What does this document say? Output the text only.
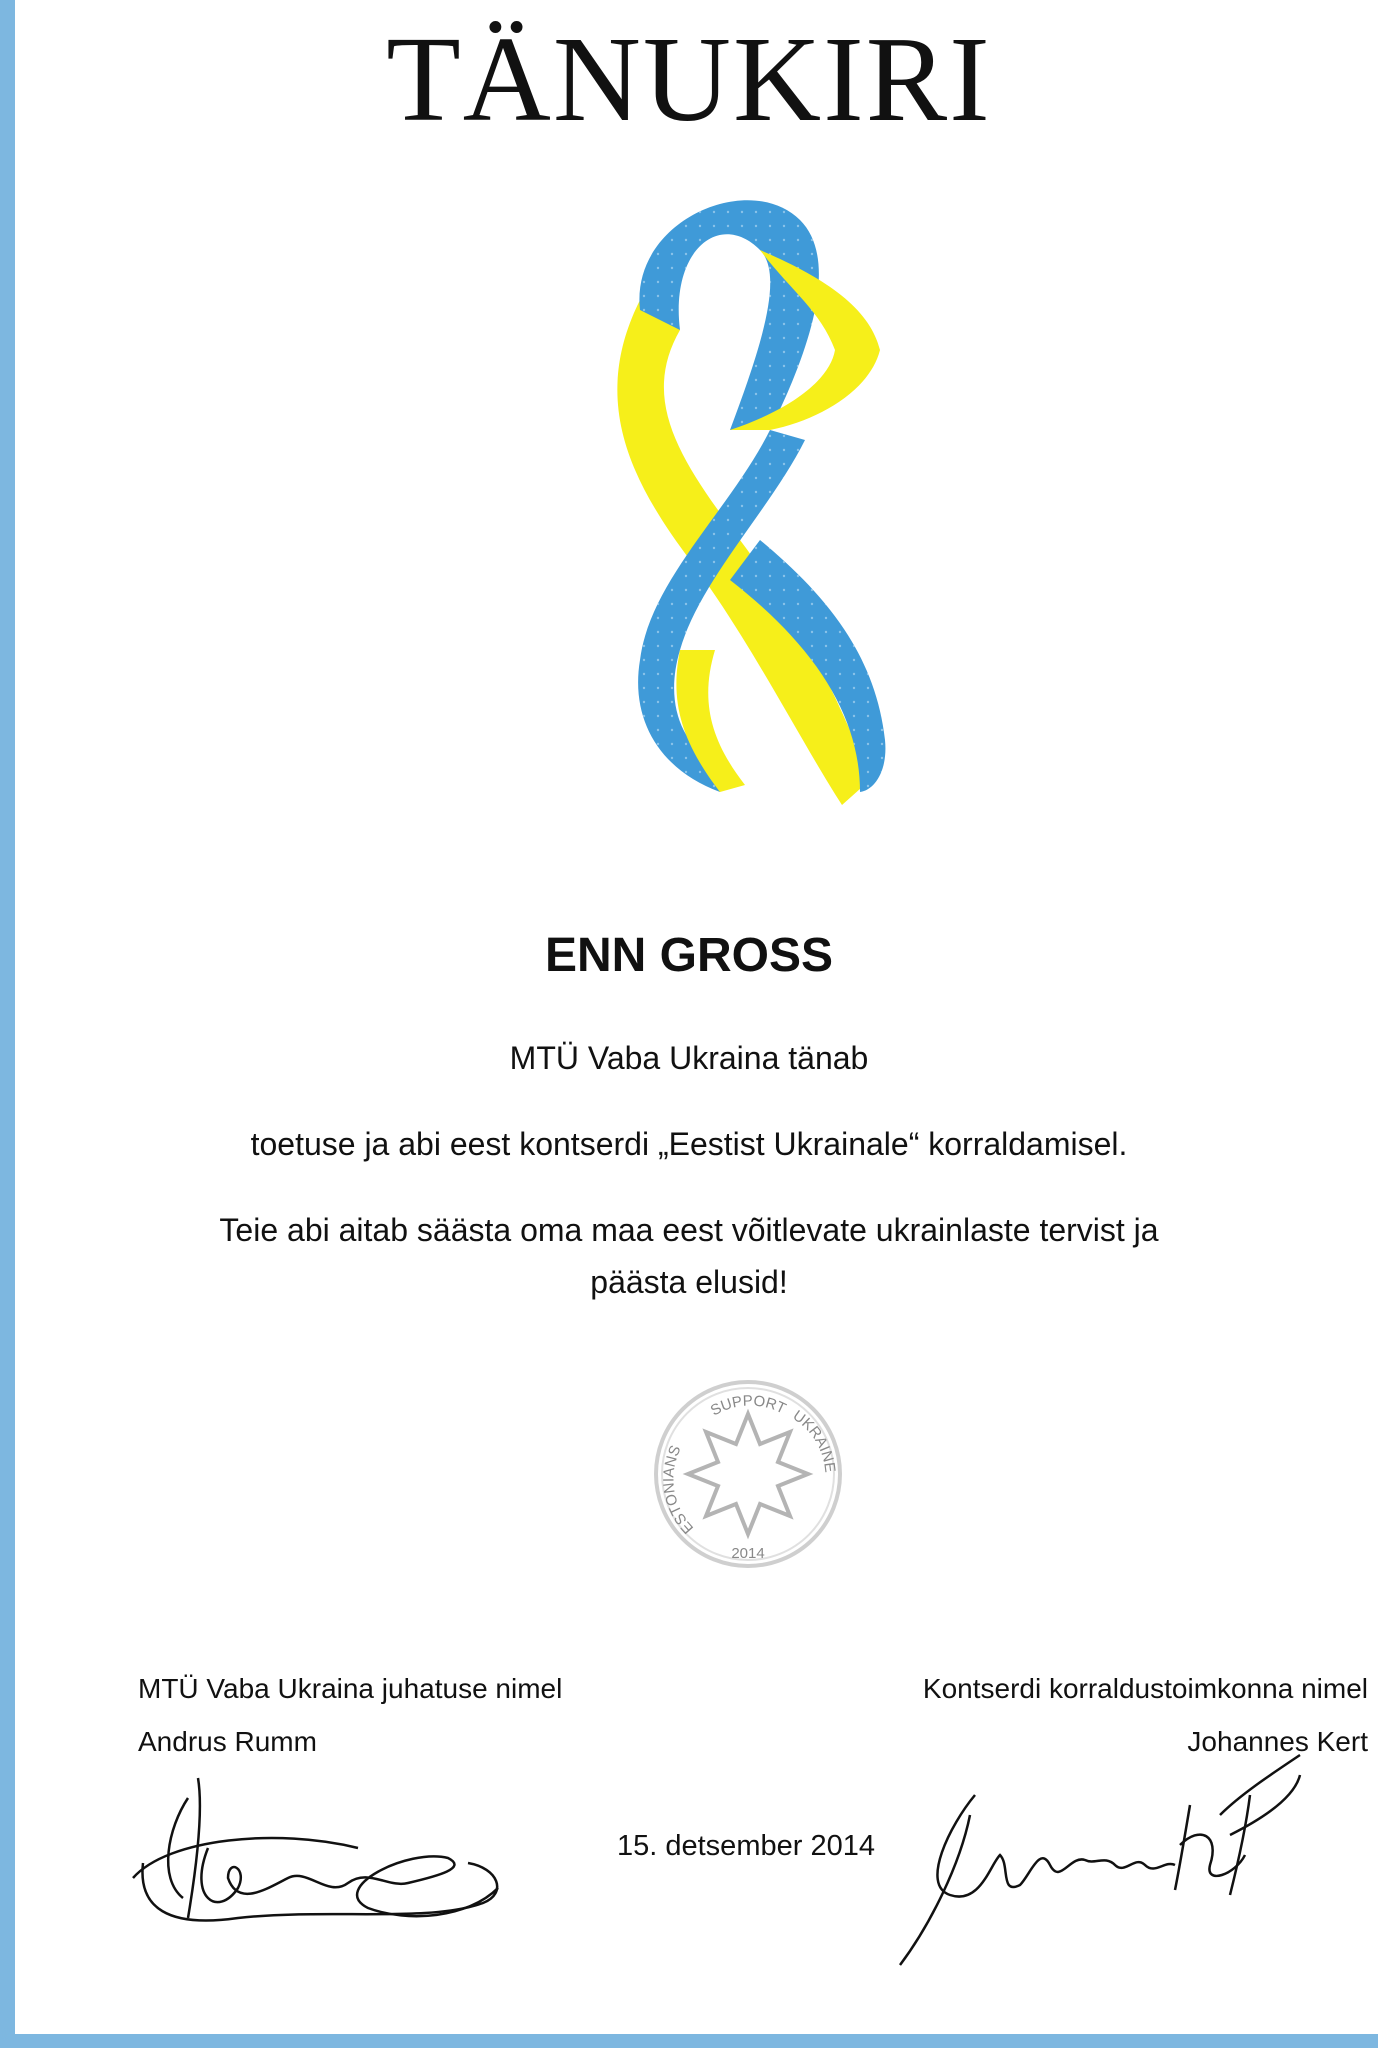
TÄNUKIRI
ENN GROSS
MTÜ Vaba Ukraina tänab
toetuse ja abi eest kontserdi „Eestist Ukrainale“ korraldamisel.
Teie abi aitab säästa oma maa eest võitlevate ukrainlaste tervist ja
päästa elusid!
ESTONIANS
SUPPORT UKRAINE
2014
MTÜ Vaba Ukraina juhatuse nimel
Andrus Rumm
Kontserdi korraldustoimkonna nimel
Johannes Kert
15. detsember 2014
